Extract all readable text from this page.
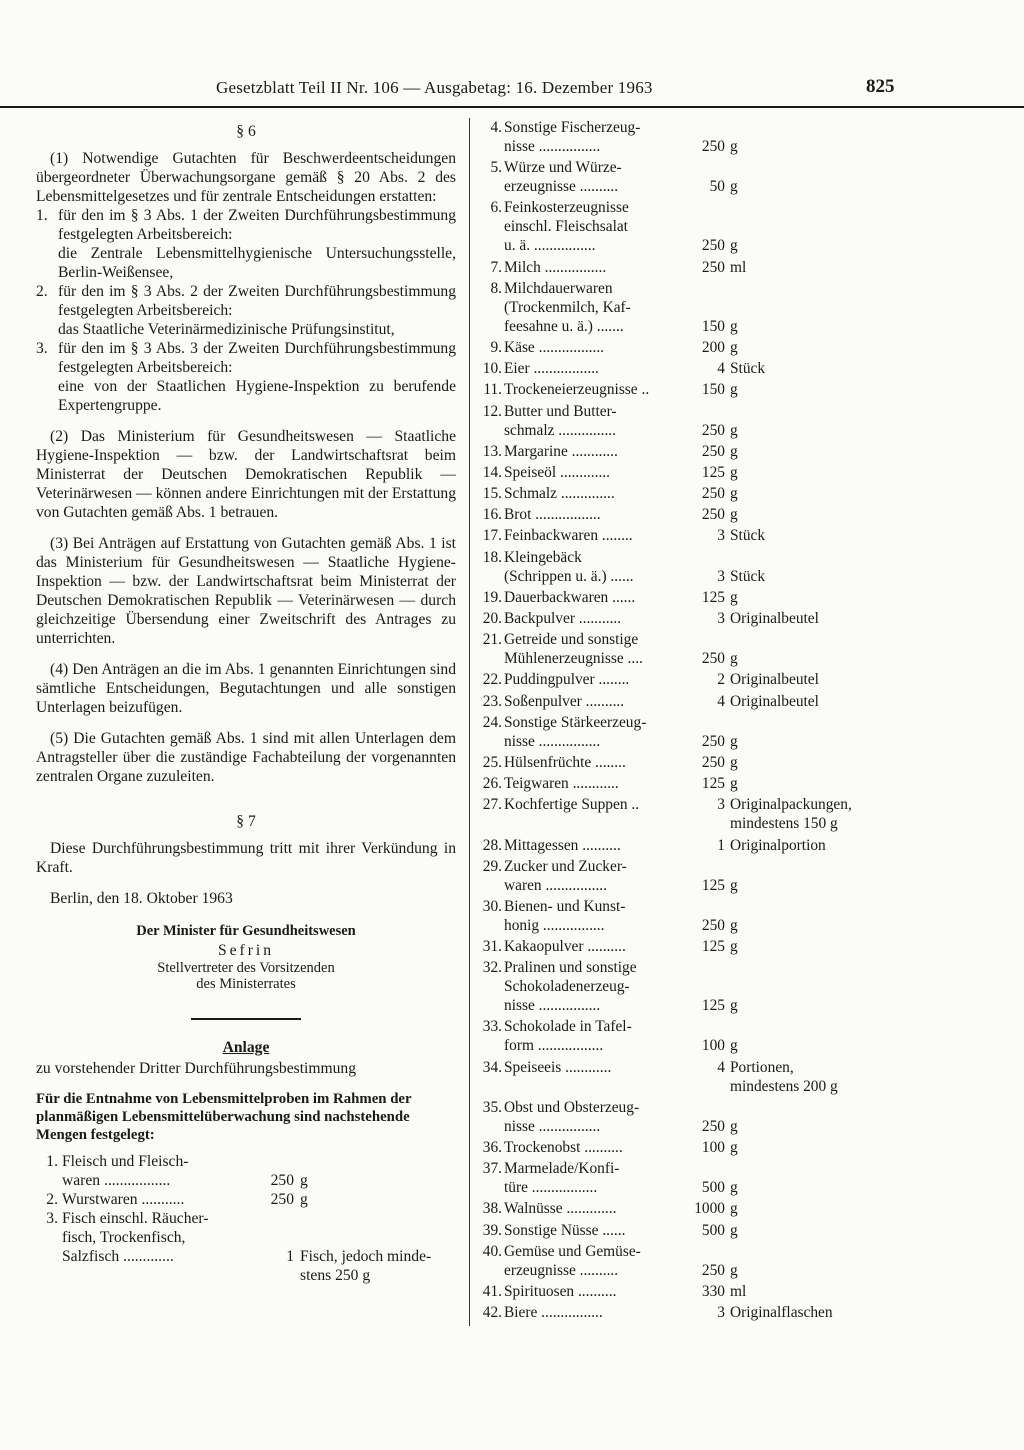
Gesetzblatt Teil II Nr. 106 — Ausgabetag: 16. Dezember 1963	825
§ 6

(1) Notwendige Gutachten für Beschwerdeentscheidungen übergeordneter Überwachungsorgane gemäß § 20 Abs. 2 des Lebensmittelgesetzes und für zentrale Entscheidungen erstatten:

1. für den im § 3 Abs. 1 der Zweiten Durchführungsbestimmung festgelegten Arbeitsbereich:
die Zentrale Lebensmittelhygienische Untersuchungsstelle, Berlin-Weißensee,
2. für den im § 3 Abs. 2 der Zweiten Durchführungsbestimmung festgelegten Arbeitsbereich:
das Staatliche Veterinärmedizinische Prüfungsinstitut,
3. für den im § 3 Abs. 3 der Zweiten Durchführungsbestimmung festgelegten Arbeitsbereich:
eine von der Staatlichen Hygiene-Inspektion zu berufende Expertengruppe.

(2) Das Ministerium für Gesundheitswesen — Staatliche Hygiene-Inspektion — bzw. der Landwirtschaftsrat beim Ministerrat der Deutschen Demokratischen Republik — Veterinärwesen — können andere Einrichtungen mit der Erstattung von Gutachten gemäß Abs. 1 betrauen.

(3) Bei Anträgen auf Erstattung von Gutachten gemäß Abs. 1 ist das Ministerium für Gesundheitswesen — Staatliche Hygiene-Inspektion — bzw. der Landwirtschaftsrat beim Ministerrat der Deutschen Demokratischen Republik — Veterinärwesen — durch gleichzeitige Übersendung einer Zweitschrift des Antrages zu unterrichten.

(4) Den Anträgen an die im Abs. 1 genannten Einrichtungen sind sämtliche Entscheidungen, Begutachtungen und alle sonstigen Unterlagen beizufügen.

(5) Die Gutachten gemäß Abs. 1 sind mit allen Unterlagen dem Antragsteller über die zuständige Fachabteilung der vorgenannten zentralen Organe zuzuleiten.

§ 7

Diese Durchführungsbestimmung tritt mit ihrer Verkündung in Kraft.

Berlin, den 18. Oktober 1963

Der Minister für Gesundheitswesen
Sefrin
Stellvertreter des Vorsitzenden
des Ministerrates
Anlage
zu vorstehender Dritter Durchführungsbestimmung

Für die Entnahme von Lebensmittelproben im Rahmen der planmäßigen Lebensmittelüberwachung sind nachstehende Mengen festgelegt:

1. Fleisch und Fleisch-
waren .................	250 g
2. Wurstwaren ...........	250 g
3. Fisch einschl. Räucher-
fisch, Trockenfisch,
Salzfisch .............	1 Fisch, jedoch minde-
stens 250 g
4. Sonstige Fischerzeug-
nisse ................	250 g
5. Würze und Würze-
erzeugnisse ..........	50 g
6. Feinkosterzeugnisse
einschl. Fleischsalat
u. ä. ................	250 g
7. Milch ................	250 ml
8. Milchdauerwaren
(Trockenmilch, Kaf-
feesahne u. ä.) .......	150 g
9. Käse .................	200 g
10. Eier .................	4 Stück
11. Trockeneierzeugnisse ..	150 g
12. Butter und Butter-
schmalz ...............	250 g
13. Margarine ............	250 g
14. Speiseöl .............	125 g
15. Schmalz ..............	250 g
16. Brot .................	250 g
17. Feinbackwaren ........	3 Stück
18. Kleingebäck
(Schrippen u. ä.) ......	3 Stück
19. Dauerbackwaren ......	125 g
20. Backpulver ...........	3 Originalbeutel
21. Getreide und sonstige
Mühlenerzeugnisse ....	250 g
22. Puddingpulver ........	2 Originalbeutel
23. Soßenpulver ..........	4 Originalbeutel
24. Sonstige Stärkeerzeug-
nisse ................	250 g
25. Hülsenfrüchte ........	250 g
26. Teigwaren ............	125 g
27. Kochfertige Suppen ..	3 Originalpackungen,
mindestens 150 g
28. Mittagessen ..........	1 Originalportion
29. Zucker und Zucker-
waren ................	125 g
30. Bienen- und Kunst-
honig ................	250 g
31. Kakaopulver ..........	125 g
32. Pralinen und sonstige
Schokoladenerzeug-
nisse ................	125 g
33. Schokolade in Tafel-
form .................	100 g
34. Speiseeis ............	4 Portionen,
mindestens 200 g
35. Obst und Obsterzeug-
nisse ................	250 g
36. Trockenobst ..........	100 g
37. Marmelade/Konfi-
türe .................	500 g
38. Walnüsse .............	1000 g
39. Sonstige Nüsse ......	500 g
40. Gemüse und Gemüse-
erzeugnisse ..........	250 g
41. Spirituosen ..........	330 ml
42. Biere ................	3 Originalflaschen
